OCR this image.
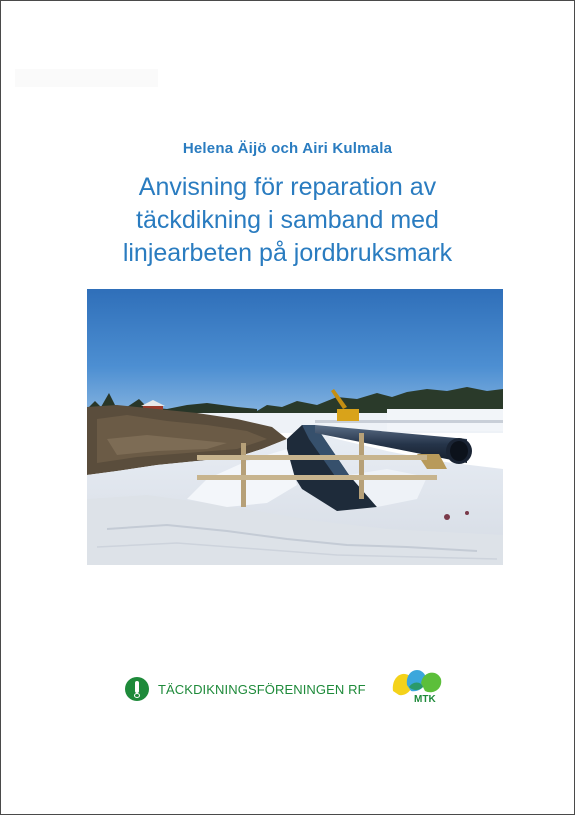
Helena Äijö och Airi Kulmala
Anvisning för reparation av
täckdikning i samband med
linjearbeten på jordbruksmark
TÄCKDIKNINGSFÖRENINGEN RF
MTK
